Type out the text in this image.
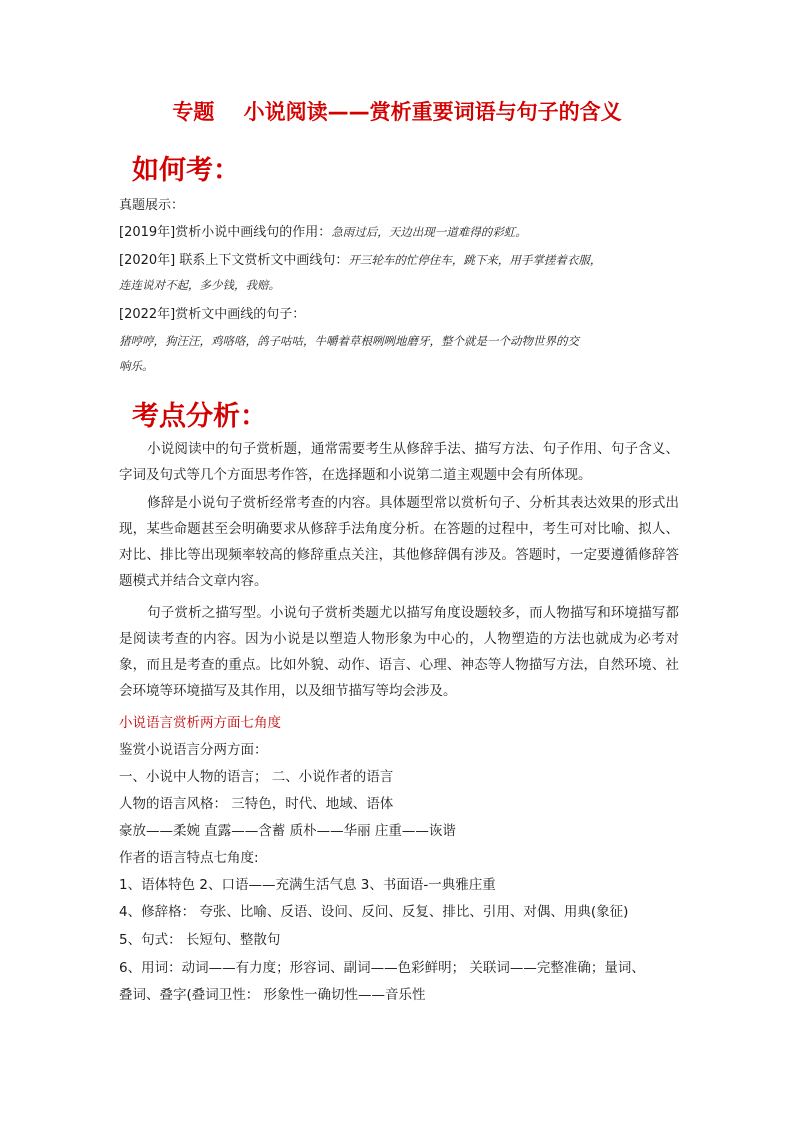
专题    小说阅读——赏析重要词语与句子的含义
如何考：
真题展示：
[2019年]赏析小说中画线句的作用：急雨过后，天边出现一道难得的彩虹。
[2020年] 联系上下文赏析文中画线句：开三轮车的忙停住车，跳下来，用手掌搓着衣服，
连连说对不起，多少钱，我赔。
[2022年]赏析文中画线的句子：
猪哼哼，狗汪汪，鸡咯咯，鸽子咕咕，牛嚼着草根咧咧地磨牙，整个就是一个动物世界的交
响乐。
考点分析：
小说阅读中的句子赏析题，通常需要考生从修辞手法、描写方法、句子作用、句子含义、字词及句式等几个方面思考作答，在选择题和小说第二道主观题中会有所体现。
修辞是小说句子赏析经常考查的内容。具体题型常以赏析句子、分析其表达效果的形式出现，某些命题甚至会明确要求从修辞手法角度分析。在答题的过程中，考生可对比喻、拟人、对比、排比等出现频率较高的修辞重点关注，其他修辞偶有涉及。答题时，一定要遵循修辞答题模式并结合文章内容。
句子赏析之描写型。小说句子赏析类题尤以描写角度设题较多，而人物描写和环境描写都是阅读考查的内容。因为小说是以塑造人物形象为中心的，人物塑造的方法也就成为必考对象，而且是考查的重点。比如外貌、动作、语言、心理、神态等人物描写方法，自然环境、社会环境等环境描写及其作用，以及细节描写等均会涉及。
小说语言赏析两方面七角度
鉴赏小说语言分两方面：
一、小说中人物的语言； 二、小说作者的语言
人物的语言风格： 三特色，时代、地域、语体
豪放——柔婉 直露——含蓄 质朴——华丽 庄重——诙谐
作者的语言特点七角度:
1、语体特色 2、口语——充满生活气息 3、书面语-一典雅庄重
4、修辞格： 夸张、比喻、反语、设问、反问、反复、排比、引用、对偶、用典(象征)
5、句式： 长短句、整散句
6、用词：动词——有力度；形容词、副词——色彩鲜明； 关联词——完整准确；量词、
叠词、叠字(叠词卫性： 形象性一确切性——音乐性
